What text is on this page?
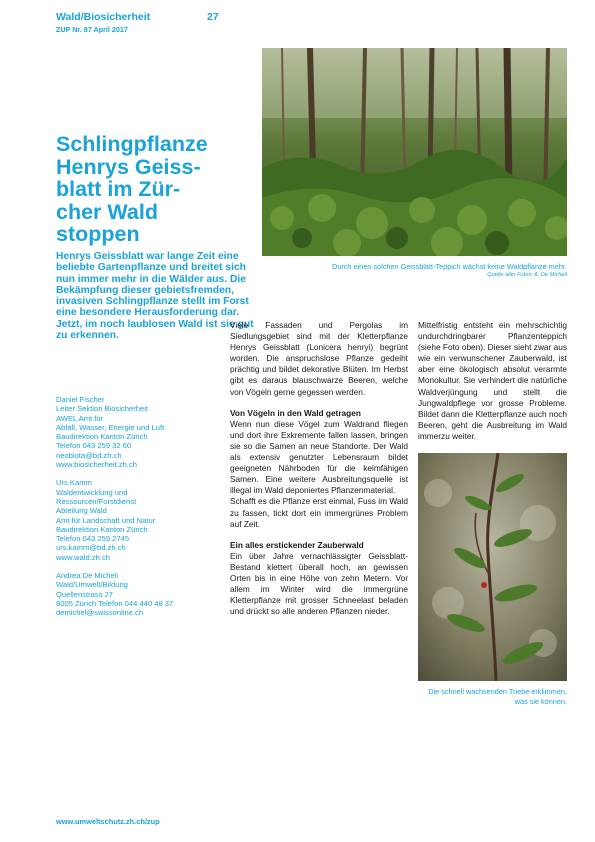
Wald/Biosicherheit	27
ZUP Nr. 87 April 2017
Durch einen solchen Geissblatt-Teppich wächst keine Waldpflanze mehr.
Quelle aller Fotos: A. De Micheli
Schlingpflanze
Henrys Geiss-
blatt im Zür-
cher Wald
stoppen

Henrys Geissblatt war lange Zeit eine beliebte Gartenpflanze und breitet sich nun immer mehr in die Wälder aus. Die Bekämpfung dieser gebietsfremden, invasiven Schlingpflanze stellt im Forst eine besondere Herausforderung dar. Jetzt, im noch laublosen Wald ist sie gut zu erkennen.

Daniel Fischer
Leiter Sektion Biosicherheit
AWEL Amt für
Abfall, Wasser, Energie und Luft
Baudirektion Kanton Zürich
Telefon 043 259 32 60
neobiota@bd.zh.ch
www.biosicherheit.zh.ch
Urs Kamm
Waldentwicklung und
Ressourcen/Forstdienst
Abteilung Wald
Amt für Landschaft und Natur
Baudirektion Kanton Zürich
Telefon 043 259 2745
urs.kamm@bd.zh.ch
www.wald.zh.ch
Andrea De Micheli
Wald/Umwelt/Bildung
Quellenstrass 27
8005 Zürich Telefon 044 440 48 37
demichel@swissonline.ch

Viele Fassaden und Pergolas im Siedlungsgebiet sind mit der Kletterpflanze Henrys Geissblatt (Lonicera henryi) begrünt worden. Die anspruchslose Pflanze gedeiht prächtig und bildet dekorative Blüten. Im Herbst gibt es daraus blauschwarze Beeren, welche von Vögeln gerne gegessen werden.

Von Vögeln in den Wald getragen

Wenn nun diese Vögel zum Waldrand fliegen und dort ihre Exkremente fallen lassen, bringen sie so die Samen an neue Standorte. Der Wald als extensiv genutzter Lebensraum bildet geeigneten Nährboden für die keimfähigen Samen. Eine weitere Ausbreitungsquelle ist illegal im Wald deponiertes Pflanzenmaterial.

Schafft es die Pflanze erst einmal, Fuss im Wald zu fassen, tickt dort ein immergrünes Problem auf Zeit.

Ein alles erstickender Zauberwald

Ein über Jahre vernachlässigter Geissblatt-Bestand klettert überall hoch, an gewissen Orten bis in eine Höhe von zehn Metern. Vor allem im Winter wird die immergrüne Kletterpflanze mit grosser Schneelast beladen und drückt so alle anderen Pflanzen nieder.

Mittelfristig entsteht ein mehrschichtig undurchdringbarer Pflanzenteppich (siehe Foto oben). Dieser sieht zwar aus wie ein verwunschener Zauberwald, ist aber eine ökologisch absolut verarmte Monokultur. Sie verhindert die natürliche Waldverjüngung und stellt die Jungwaldpflege vor grosse Probleme. Bildet dann die Kletterpflanze auch noch Beeren, geht die Ausbreitung im Wald immerzu weiter.

Die schnell wachsenden Triebe erklimmen, was sie können.
www.umweltschutz.zh.ch/zup
